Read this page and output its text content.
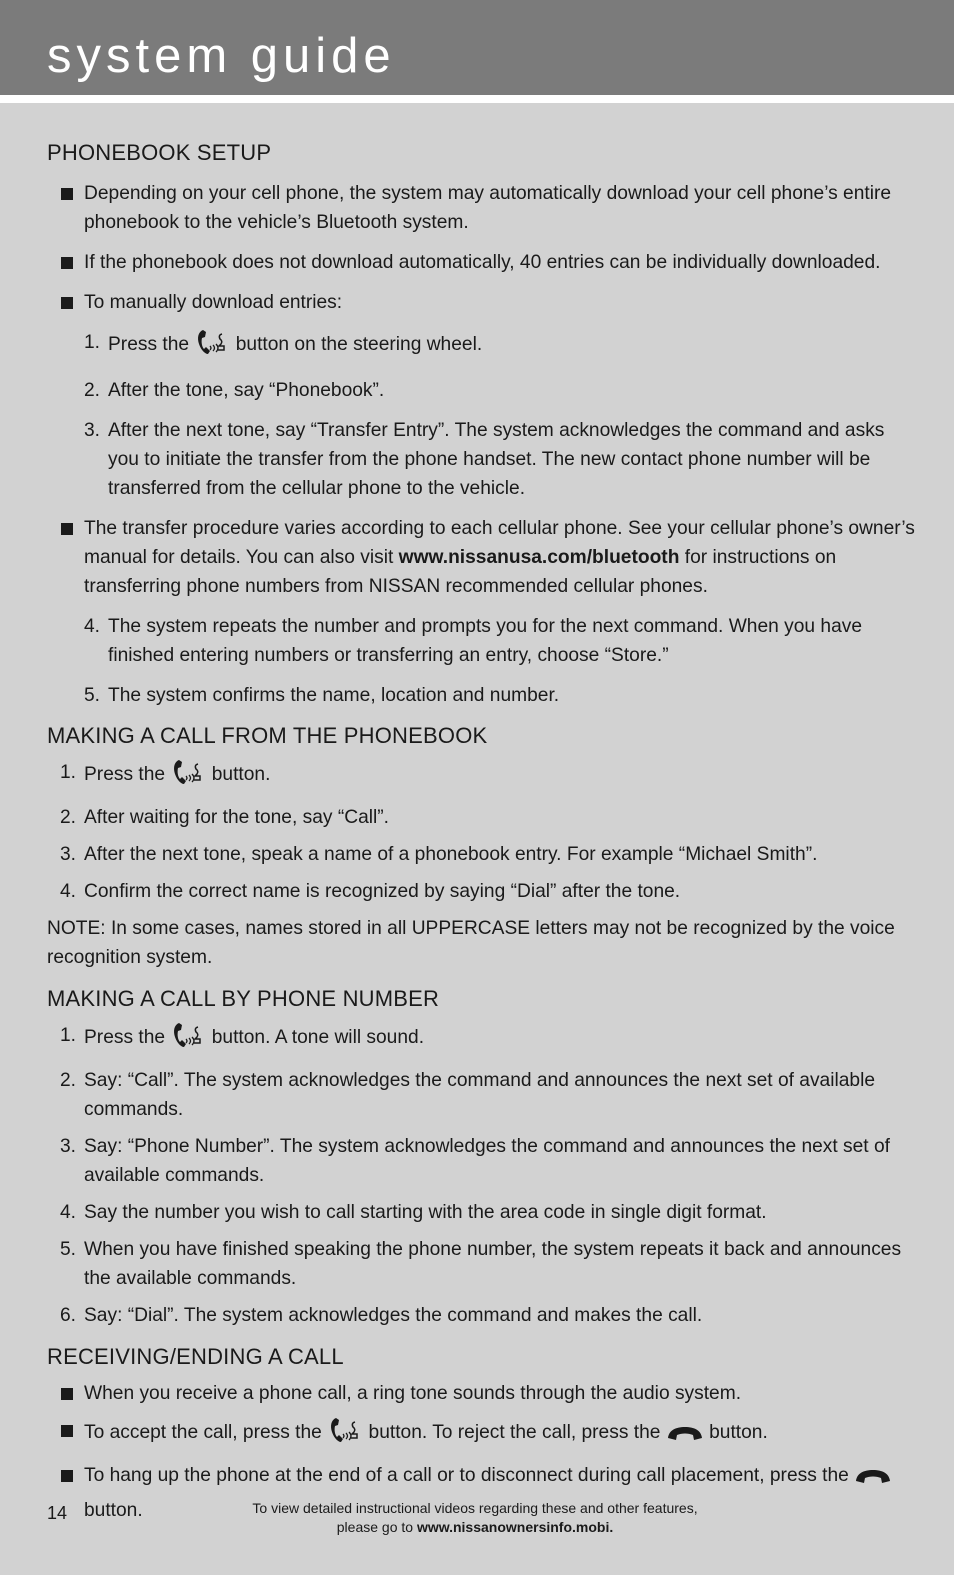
system guide
PHONEBOOK SETUP
Depending on your cell phone, the system may automatically download your cell phone’s entire phonebook to the vehicle’s Bluetooth system.
If the phonebook does not download automatically, 40 entries can be individually downloaded.
To manually download entries:
1. Press the button on the steering wheel.
2. After the tone, say “Phonebook”.
3. After the next tone, say “Transfer Entry”. The system acknowledges the command and asks you to initiate the transfer from the phone handset. The new contact phone number will be transferred from the cellular phone to the vehicle.
The transfer procedure varies according to each cellular phone. See your cellular phone’s owner’s manual for details. You can also visit www.nissanusa.com/bluetooth for instructions on transferring phone numbers from NISSAN recommended cellular phones.
4. The system repeats the number and prompts you for the next command. When you have finished entering numbers or transferring an entry, choose “Store.”
5. The system confirms the name, location and number.
MAKING A CALL FROM THE PHONEBOOK
1. Press the button.
2. After waiting for the tone, say “Call”.
3. After the next tone, speak a name of a phonebook entry. For example “Michael Smith”.
4. Confirm the correct name is recognized by saying “Dial” after the tone.
NOTE: In some cases, names stored in all UPPERCASE letters may not be recognized by the voice recognition system.
MAKING A CALL BY PHONE NUMBER
1. Press the button. A tone will sound.
2. Say: “Call”. The system acknowledges the command and announces the next set of available commands.
3. Say: “Phone Number”. The system acknowledges the command and announces the next set of available commands.
4. Say the number you wish to call starting with the area code in single digit format.
5. When you have finished speaking the phone number, the system repeats it back and announces the available commands.
6. Say: “Dial”. The system acknowledges the command and makes the call.
RECEIVING/ENDING A CALL
When you receive a phone call, a ring tone sounds through the audio system.
To accept the call, press the button. To reject the call, press the	button.
To hang up the phone at the end of a call or to disconnect during call placement, press the  button.
14	To view detailed instructional videos regarding these and other features,
please go to www.nissanownersinfo.mobi.
